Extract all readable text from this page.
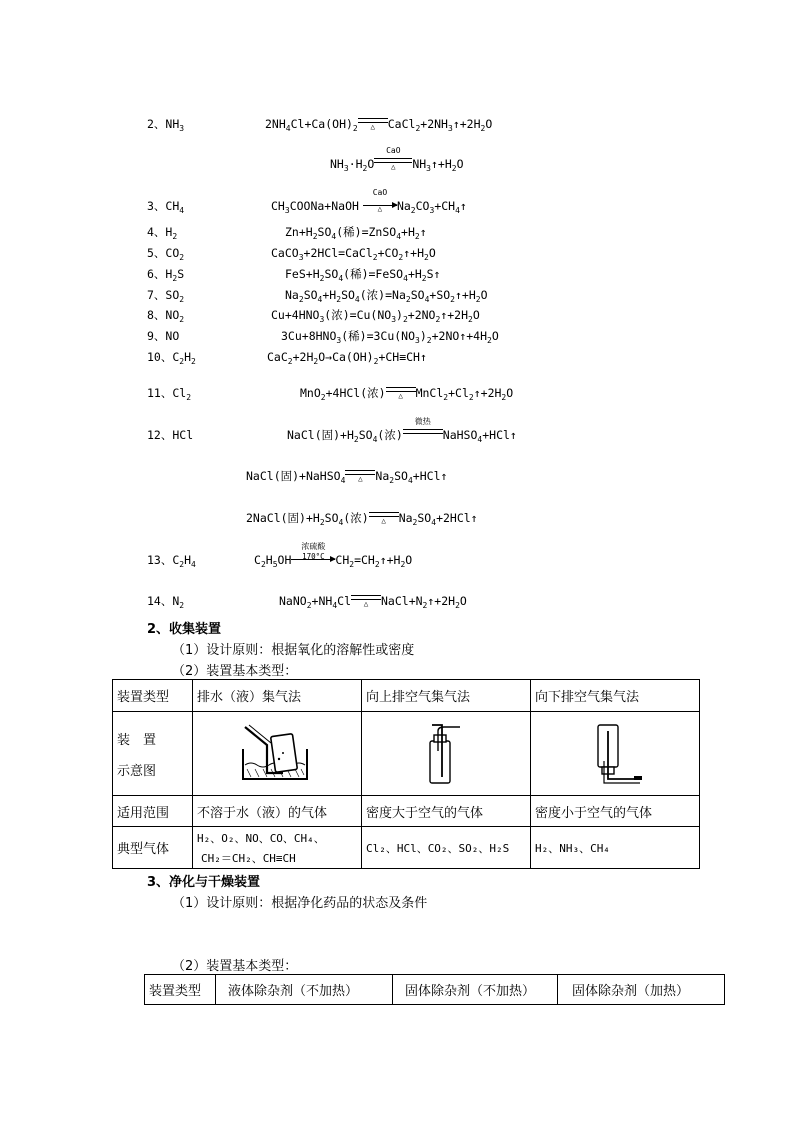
2、$NH_3$	$2NH_4Cl+Ca(OH)_2$	△	$CaCl_2+2NH_3↑+2H_2O$
$NH_3\cdot H_2O$
CaO
△	$NH_3↑+H_2O$
3、$CH_4$	$CH_3COONa+NaOH$
CaO
△	$Na_2CO_3+CH_4↑$
4、$H_2$	$Zn+H_2SO_4$(稀)$=ZnSO_4+H_2↑$
5、$CO_2$	$CaCO_3+2HCl=CaCl_2+CO_2↑+H_2O$
6、$H_2S$	$FeS+H_2SO_4$(稀)$=FeSO_4+H_2S↑$
7、$SO_2$	$Na_2SO_4+H_2SO_4$(浓)$=Na_2SO_4+SO_2↑+H_2O$
8、$NO_2$	$Cu+4HNO_3$(浓)$=Cu(NO_3)_2+2NO_2↑+2H_2O$
9、NO	$3Cu+8HNO_3$(稀)$=3Cu(NO_3)_2+2NO↑+4H_2O$
10、$C_2H_2$	$CaC_2+2H_2O\to Ca(OH)_2+CH\equiv CH↑$
11、$Cl_2$	MnO$_2$+4HCl(浓)	△	$MnCl_2+Cl_2↑+2H_2O$
12、HCl	NaCl(固)$+H_2SO_4$(浓)
微热
NaHSO$_4$+HCl↑
NaCl(固)+NaHSO$_4$	△	$Na_2SO_4+HCl↑$
2NaCl(固)$+H_2SO_4$(浓)	△	$Na_2SO_4+2HCl↑$
13、$C_2H_4$	$C_2H_5OH$
浓硫酸
170°C $CH_2=CH_2↑+H_2O$
14、$N_2$	$NaNO_2+NH_4Cl$	△	$NaCl+N_2↑+2H_2O$
2、收集装置
（1）设计原则：根据氧化的溶解性或密度
（2）装置基本类型：
装置类型	排水（液）集气法	向上排空气集气法	向下排空气集气法

装　置
示意图

适用范围	不溶于水（液）的气体	密度大于空气的气体	密度小于空气的气体
典型气体	H₂、O₂、NO、CO、CH₄、
CH₂＝CH₂、CH≡CH	Cl₂、HCl、CO₂、SO₂、H₂S	H₂、NH₃、CH₄
3、净化与干燥装置
（1）设计原则：根据净化药品的状态及条件
（2）装置基本类型：
装置类型	液体除杂剂（不加热）	固体除杂剂（不加热）	固体除杂剂（加热）
